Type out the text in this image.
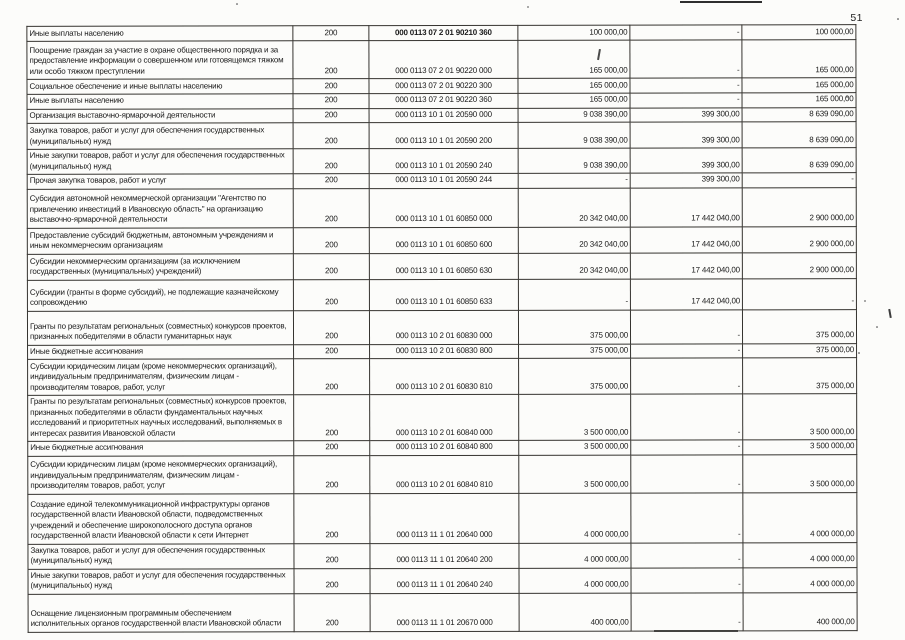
51
Иные выплаты населению	200	000 0113 07 2 01 90210 360	100 000,00	-	100 000,00
Поощрение граждан за участие в охране общественного порядка и за предоставление информации о совершенном или готовящемся тяжком или особо тяжком преступлении	200	000 0113 07 2 01 90220 000	165 000,00	-	165 000,00
Социальное обеспечение и иные выплаты населению	200	000 0113 07 2 01 90220 300	165 000,00	-	165 000,00
Иные выплаты населению	200	000 0113 07 2 01 90220 360	165 000,00	-	165 000,00
Организация выставочно-ярмарочной деятельности	200	000 0113 10 1 01 20590 000	9 038 390,00	399 300,00	8 639 090,00
Закупка товаров, работ и услуг для обеспечения государственных (муниципальных) нужд	200	000 0113 10 1 01 20590 200	9 038 390,00	399 300,00	8 639 090,00
Иные закупки товаров, работ и услуг для обеспечения государственных (муниципальных) нужд	200	000 0113 10 1 01 20590 240	9 038 390,00	399 300,00	8 639 090,00
Прочая закупка товаров, работ и услуг	200	000 0113 10 1 01 20590 244	-	399 300,00	-
Субсидия автономной некоммерческой организации "Агентство по привлечению инвестиций в Ивановскую область" на организацию выставочно-ярмарочной деятельности	200	000 0113 10 1 01 60850 000	20 342 040,00	17 442 040,00	2 900 000,00
Предоставление субсидий бюджетным, автономным учреждениям и иным некоммерческим организациям	200	000 0113 10 1 01 60850 600	20 342 040,00	17 442 040,00	2 900 000,00
Субсидии некоммерческим организациям (за исключением государственных (муниципальных) учреждений)	200	000 0113 10 1 01 60850 630	20 342 040,00	17 442 040,00	2 900 000,00
Субсидии (гранты в форме субсидий), не подлежащие казначейскому сопровождению	200	000 0113 10 1 01 60850 633	-	17 442 040,00	-
Гранты по результатам региональных (совместных) конкурсов проектов, признанных победителями в области гуманитарных наук	200	000 0113 10 2 01 60830 000	375 000,00	-	375 000,00
Иные бюджетные ассигнования	200	000 0113 10 2 01 60830 800	375 000,00	-	375 000,00
Субсидии юридическим лицам (кроме некоммерческих организаций), индивидуальным предпринимателям, физическим лицам - производителям товаров, работ, услуг	200	000 0113 10 2 01 60830 810	375 000,00	-	375 000,00
Гранты по результатам региональных (совместных) конкурсов проектов, признанных победителями в области фундаментальных научных исследований и приоритетных научных исследований, выполняемых в интересах развития Ивановской области	200	000 0113 10 2 01 60840 000	3 500 000,00	-	3 500 000,00
Иные бюджетные ассигнования	200	000 0113 10 2 01 60840 800	3 500 000,00	-	3 500 000,00
Субсидии юридическим лицам (кроме некоммерческих организаций), индивидуальным предпринимателям, физическим лицам - производителям товаров, работ, услуг	200	000 0113 10 2 01 60840 810	3 500 000,00	-	3 500 000,00
Создание единой телекоммуникационной инфраструктуры органов государственной власти Ивановской области, подведомственных учреждений и обеспечение широкополосного доступа органов государственной власти Ивановской области к сети Интернет	200	000 0113 11 1 01 20640 000	4 000 000,00	-	4 000 000,00
Закупка товаров, работ и услуг для обеспечения государственных (муниципальных) нужд	200	000 0113 11 1 01 20640 200	4 000 000,00	-	4 000 000,00
Иные закупки товаров, работ и услуг для обеспечения государственных (муниципальных) нужд	200	000 0113 11 1 01 20640 240	4 000 000,00	-	4 000 000,00
Оснащение лицензионным программным обеспечением исполнительных органов государственной власти Ивановской области	200	000 0113 11 1 01 20670 000	400 000,00	-	400 000,00
